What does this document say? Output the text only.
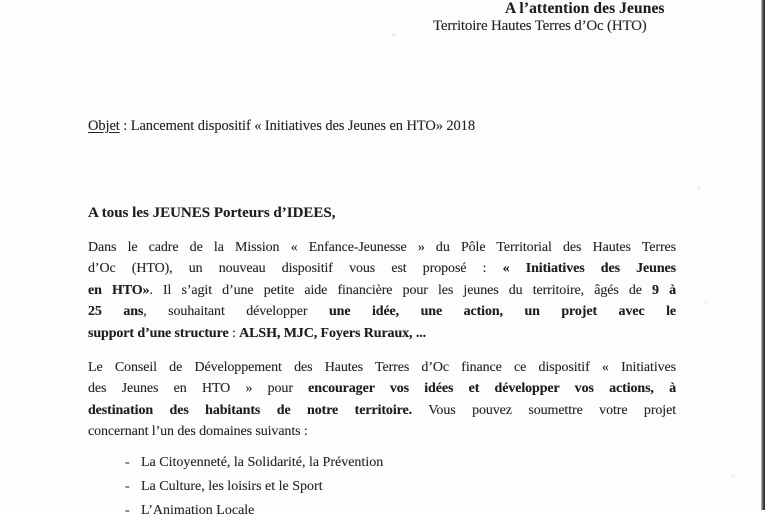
A l’attention des Jeunes
Territoire Hautes Terres d’Oc (HTO)
Objet : Lancement dispositif « Initiatives des Jeunes en HTO» 2018
A tous les JEUNES Porteurs d’IDEES,
Dans le cadre de la Mission « Enfance-Jeunesse » du Pôle Territorial des Hautes Terres
d’Oc (HTO), un nouveau dispositif vous est proposé : « Initiatives des Jeunes
en HTO». Il s’agit d’une petite aide financière pour les jeunes du territoire, âgés de 9 à
25 ans, souhaitant développer une idée, une action, un projet avec le
support d’une structure : ALSH, MJC, Foyers Ruraux, ...
Le Conseil de Développement des Hautes Terres d’Oc finance ce dispositif « Initiatives
des Jeunes en HTO » pour encourager vos idées et développer vos actions, à
destination des habitants de notre territoire. Vous pouvez soumettre votre projet
concernant l’un des domaines suivants :
- La Citoyenneté, la Solidarité, la Prévention
- La Culture, les loisirs et le Sport
- L’Animation Locale
